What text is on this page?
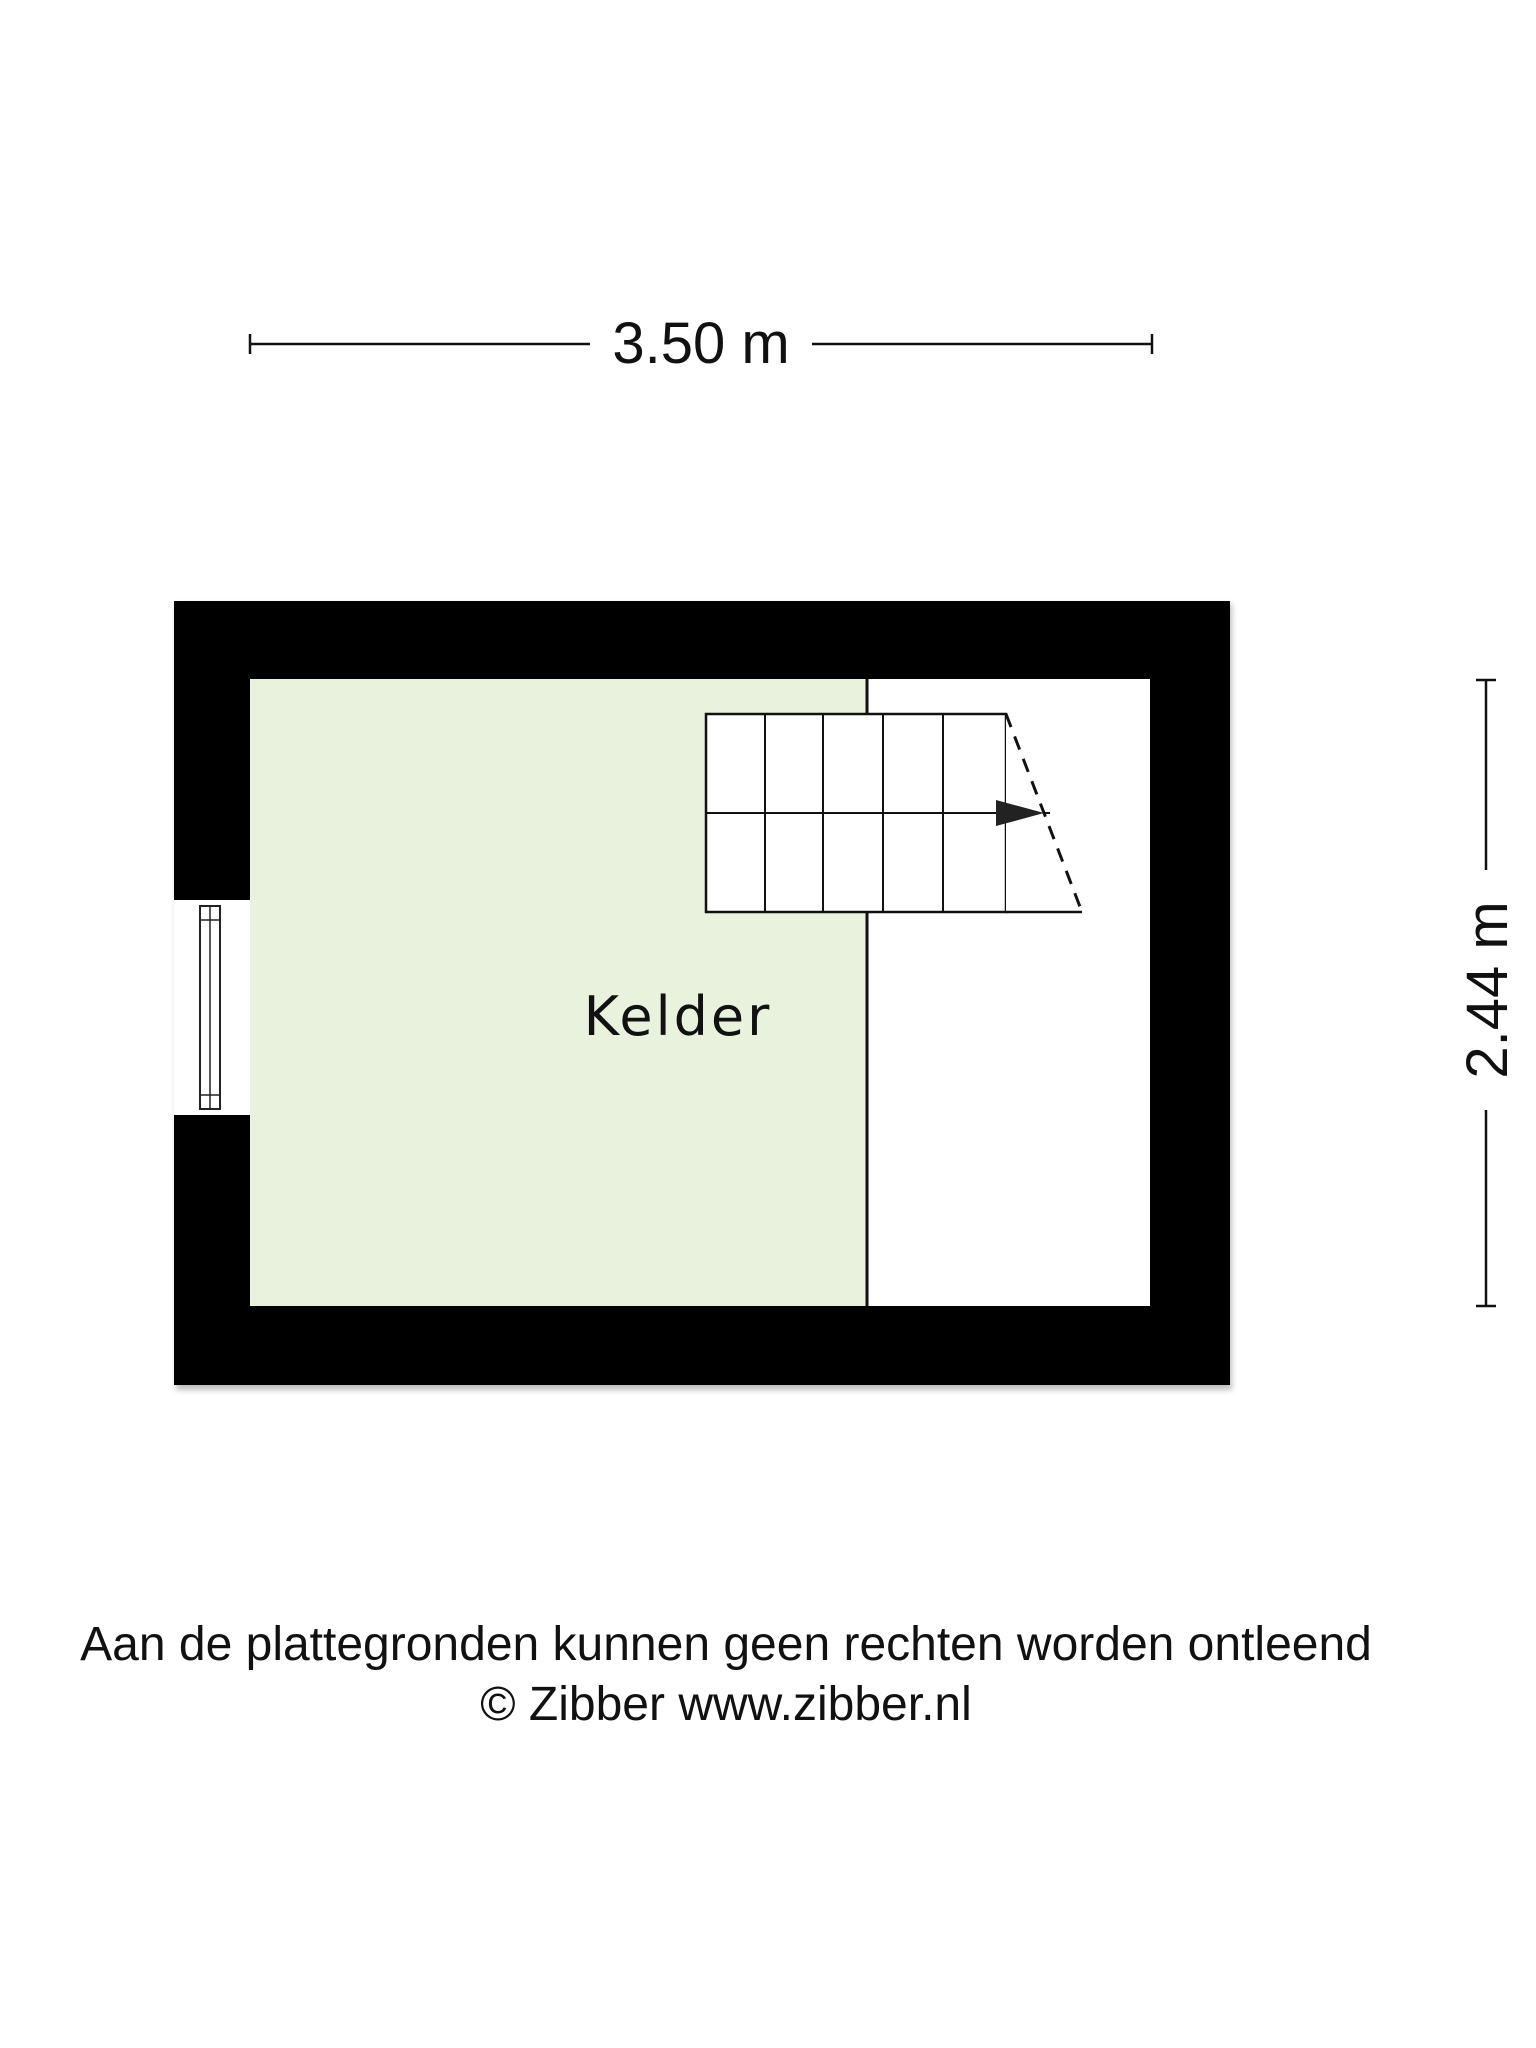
3.50 m
2.44 m
Kelder
Aan de plattegronden kunnen geen rechten worden ontleend
© Zibber www.zibber.nl
